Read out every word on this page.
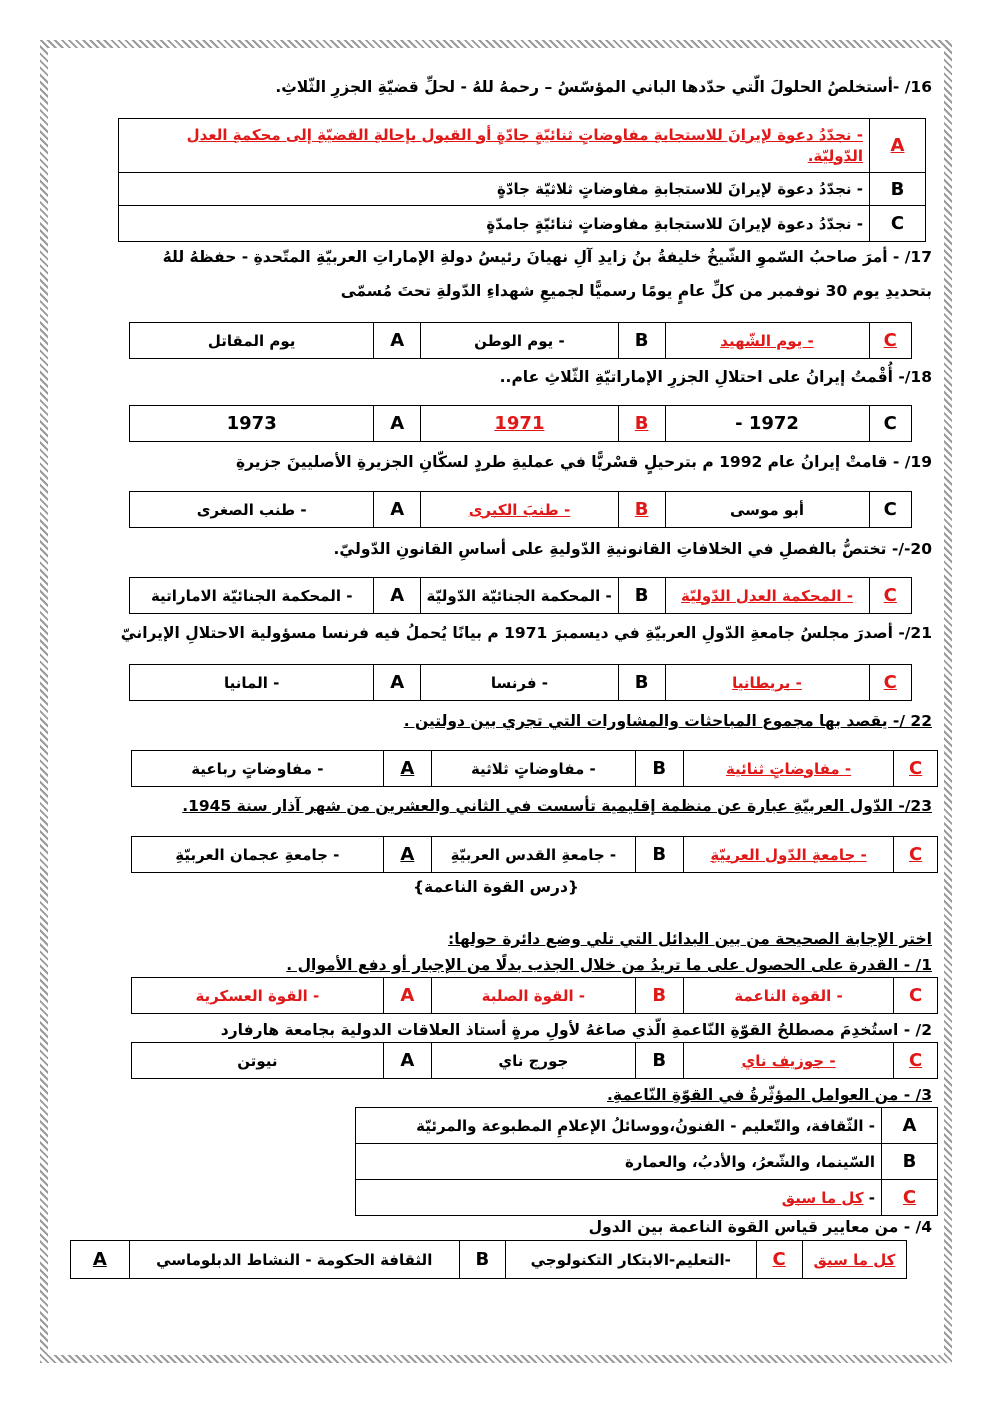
16/ -أستخلصُ الحلولَ الّتي حدّدها الباني المؤسّسُ – رحمهُ للهُ - لحلِّ قضيّةِ الجزرِ الثّلاثِ.
A	- نجدّدُ دعوة لإيرانَ للاستجابةِ مفاوضاتٍ ثنائيّةٍ جادّةٍ أو القبول بإحالةِ القضيّةِ إلى محكمةِ العدل
الدّوليّة.
B	- نجدّدُ دعوة لإيرانَ للاستجابةِ مفاوضاتٍ ثلاثيّة جادّةٍ
C	- نجدّدُ دعوة لإيرانَ للاستجابةِ مفاوضاتٍ ثنائيّةٍ جامدّةٍ
17/ - أمرَ صاحبُ السّموِ الشّيخُ خليفةُ بنُ زايدِ آلِ نهيانَ رئيسُ دولةِ الإماراتِ العربيّةِ المتّحدةِ - حفظهُ للهُ
بتحديدِ يوم 30 نوفمبر من كلِّ عامٍ يومًا رسميًّا لجميعِ شهداءِ الدّولةِ تحتَ مُسمّى
C	- يوم الشّهيد	B	- يوم الوطن	A	يوم المقاتل	
18/- أُقْمتُ إيرانُ على احتلالِ الجزرِ الإماراتيّةِ الثّلاثِ عام..
C	1972 -	B	1971	A	1973	
19/ - قامتْ إيرانُ عام 1992 م بترحيلٍ قسْريًّا في عمليةِ طردٍ لسكّانِ الجزيرةِ الأصليينَ جزيرةِ
C	أبو موسى	B	- طنبَ الكبرى	A	- طنب الصغرى	
20-/- تختصُّ بالفصلِ في الخلافاتِ القانونيةِ الدّوليةِ على أساسِ القانونِ الدّوليّ.
C	- المحكمة العدل الدّوليّة	B	- المحكمة الجنائيّة الدّوليّة	A	- المحكمة الجنائيّة الاماراتية	
21/- أصدرَ مجلسُ جامعةِ الدّولِ العربيّةِ في ديسمبرَ 1971 م بيانًا يُحملُ فيه فرنسا مسؤولية الاحتلالِ الإيرانيّ
C	- بريطانيا	B	- فرنسا	A	- المانيا	
22 /- يقصد بها مجموع المباحثات والمشاورات التي تجري بين دولتين .
C	- مفاوضاتٍ ثنائية	B	- مفاوضاتٍ ثلاثية	A	- مفاوضاتٍ رباعية	
23/- الدّول العربيّةِ عبارة عن منظمة إقليمية تأسست في الثاني والعشرين من شهر آذار سنة 1945.
C	- جامعةِ الدّول العربيّةِ	B	- جامعةِ القدس العربيّةِ	A	- جامعةِ عجمان العربيّةِ	
{درس القوة الناعمة}
اختر الإجابة الصحيحة من بين البدائل التي تلي وضع دائرة حولها:
1/ - القدرة على الحصول على ما تريدُ من خلال الجذب بدلًا من الإجبار أو دفع الأموال .
C	- القوة الناعمة	B	- القوة الصلبة	A	- القوة العسكرية	
2/ - استُخدِمَ مصطلحُ القوّةِ النّاعمةِ الّذي صاغهُ لأولِ مرةٍ أستاذ العلاقات الدولية بجامعة هارفارد
C	- جوزيف ناي	B	جورج ناي	A	نيوتن	
3/ - من العوامل المؤثّرةُ في القوّةِ النّاعمةِ.
A	- الثّقافة، والتّعليم - الفنونُ،ووسائلُ الإعلامِ المطبوعة والمرئيّة
B	السّينما، والشّعرُ، والأدبُ، والعمارة
C	- كل ما سبق
4/ - من معايير قياس القوة الناعمة بين الدول
	كل ما سبق	C	-التعليم-الابتكار التكنولوجي	B	الثقافة الحكومة - النشاط الدبلوماسي	A
